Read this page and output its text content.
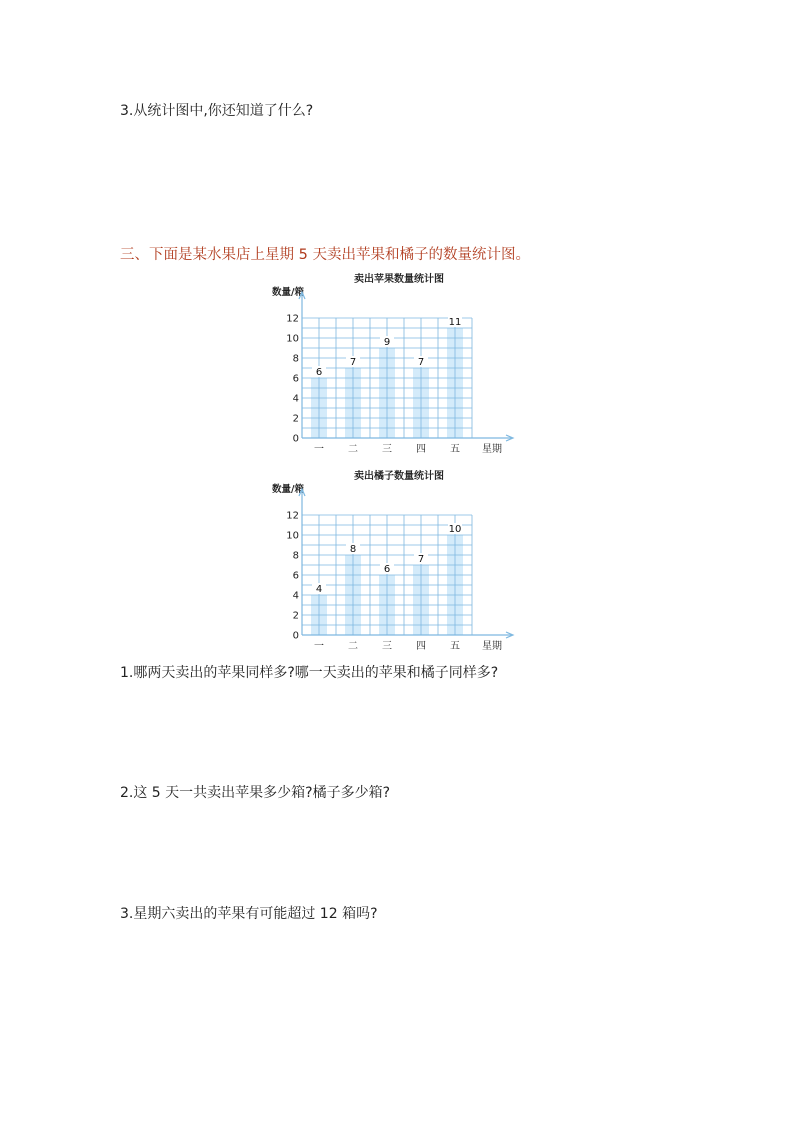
3.从统计图中,你还知道了什么?
三、下面是某水果店上星期 5 天卖出苹果和橘子的数量统计图。
卖出苹果数量统计图
数量/箱
0
2
4
6
8
10
12
一 二 三 四 五 星期
6
7
9
7
11
卖出橘子数量统计图
数量/箱
0
2
4
6
8
10
12
一 二 三 四 五 星期
4
8
6
7
10
1.哪两天卖出的苹果同样多?哪一天卖出的苹果和橘子同样多?
2.这 5 天一共卖出苹果多少箱?橘子多少箱?
3.星期六卖出的苹果有可能超过 12 箱吗?
